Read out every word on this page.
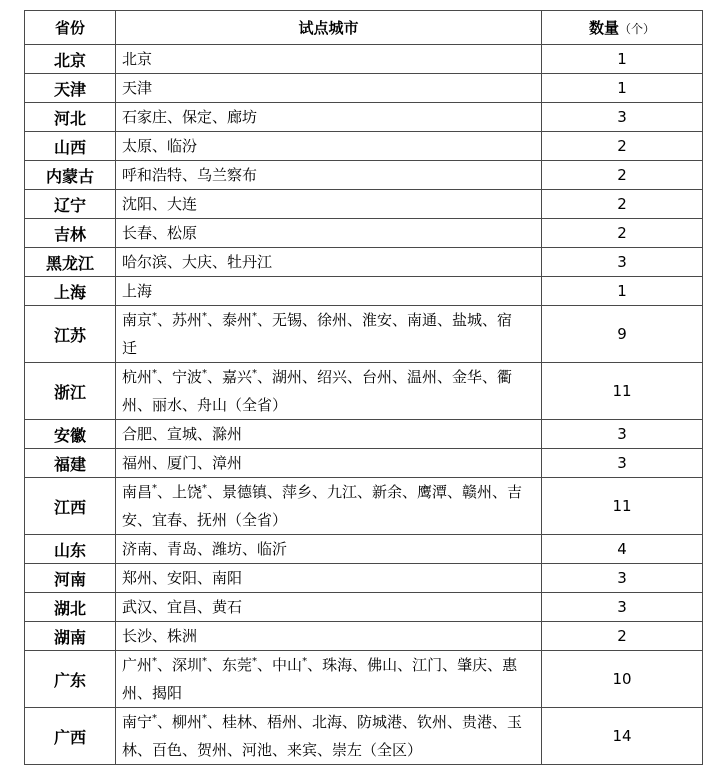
省份	试点城市	数量（个）
北京	北京	1
天津	天津	1
河北	石家庄、保定、廊坊	3
山西	太原、临汾	2
内蒙古	呼和浩特、乌兰察布	2
辽宁	沈阳、大连	2
吉林	长春、松原	2
黑龙江	哈尔滨、大庆、牡丹江	3
上海	上海	1
江苏	南京*、苏州*、泰州*、无锡、徐州、淮安、南通、盐城、宿迁	9
浙江	杭州*、宁波*、嘉兴*、湖州、绍兴、台州、温州、金华、衢州、丽水、舟山（全省）	11
安徽	合肥、宣城、滁州	3
福建	福州、厦门、漳州	3
江西	南昌*、上饶*、景德镇、萍乡、九江、新余、鹰潭、赣州、吉安、宜春、抚州（全省）	11
山东	济南、青岛、潍坊、临沂	4
河南	郑州、安阳、南阳	3
湖北	武汉、宜昌、黄石	3
湖南	长沙、株洲	2
广东	广州*、深圳*、东莞*、中山*、珠海、佛山、江门、肇庆、惠州、揭阳	10
广西	南宁*、柳州*、桂林、梧州、北海、防城港、钦州、贵港、玉林、百色、贺州、河池、来宾、崇左（全区）	14
